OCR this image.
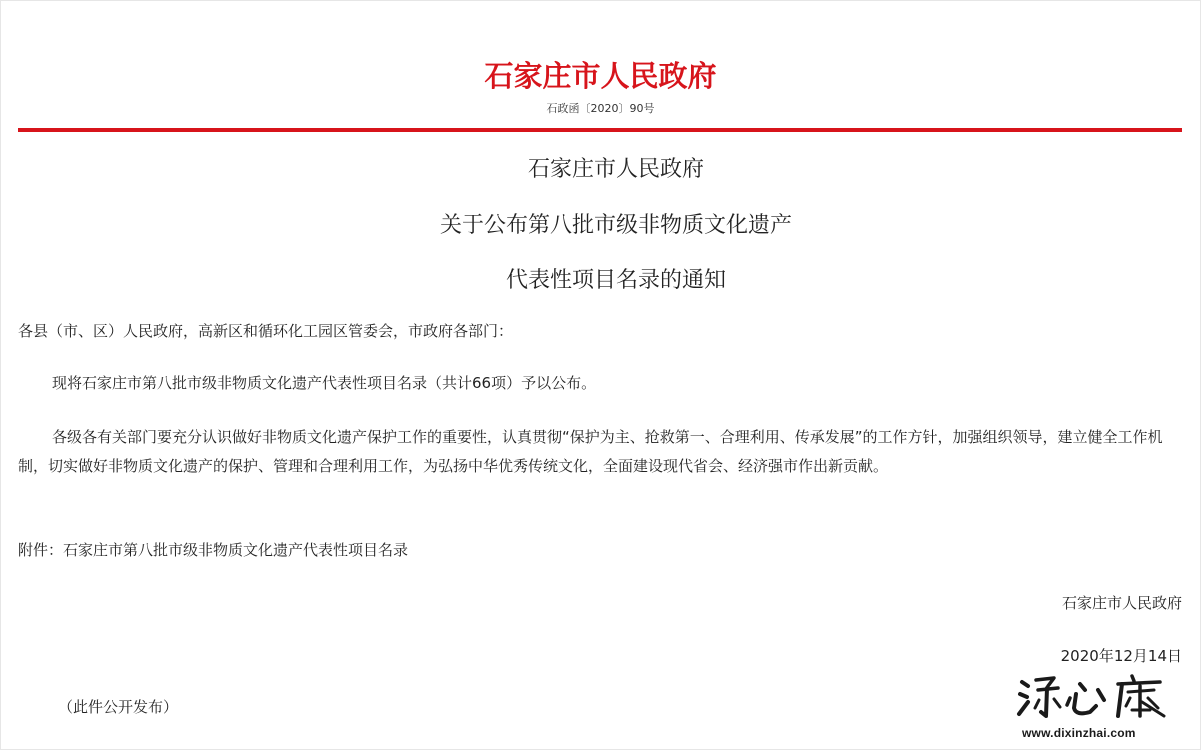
石家庄市人民政府
石政函〔2020〕90号
石家庄市人民政府
关于公布第八批市级非物质文化遗产
代表性项目名录的通知
各县（市、区）人民政府，高新区和循环化工园区管委会，市政府各部门：
现将石家庄市第八批市级非物质文化遗产代表性项目名录（共计66项）予以公布。
各级各有关部门要充分认识做好非物质文化遗产保护工作的重要性，认真贯彻“保护为主、抢救第一、合理利用、传承发展”的工作方针，加强组织领导，建立健全工作机制，切实做好非物质文化遗产的保护、管理和合理利用工作，为弘扬中华优秀传统文化，全面建设现代省会、经济强市作出新贡献。
附件：石家庄市第八批市级非物质文化遗产代表性项目名录
石家庄市人民政府
2020年12月14日
（此件公开发布）
www.dixinzhai.com
